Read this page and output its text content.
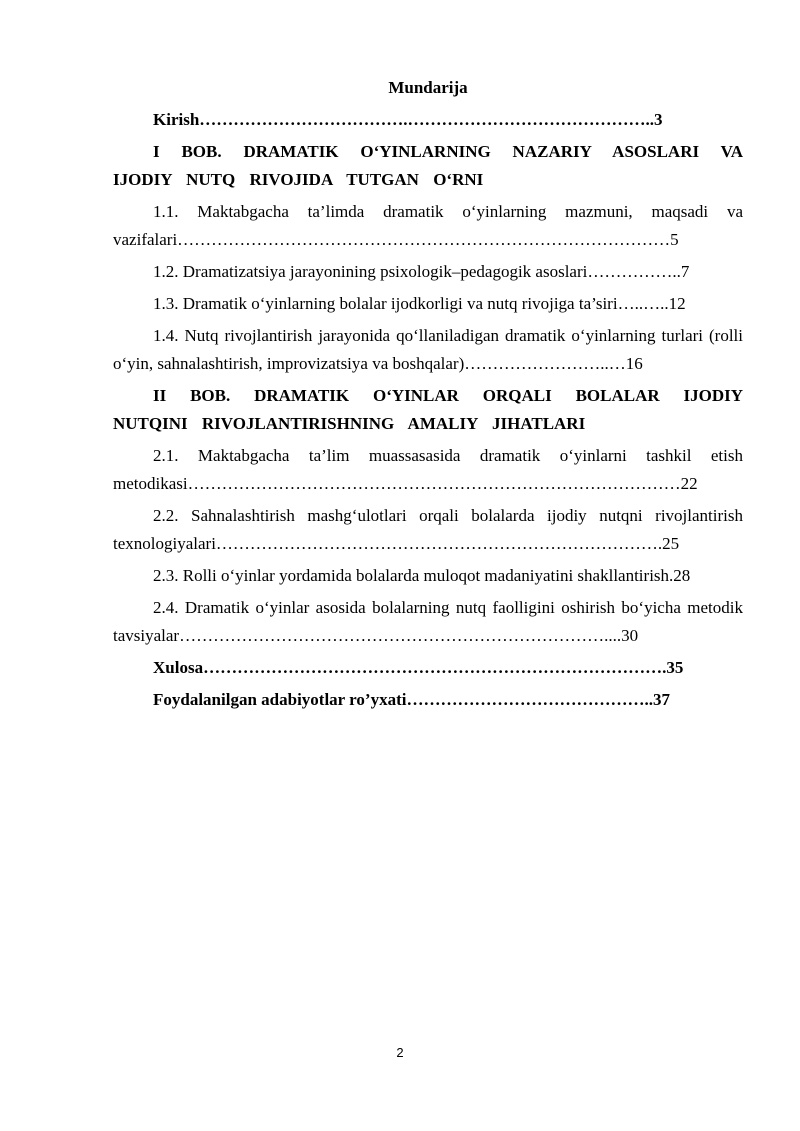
Mundarija

Kirish……………………………….……………………………………..3

I BOB. DRAMATIK O‘YINLARNING NAZARIY ASOSLARI VA IJODIY NUTQ RIVOJIDA TUTGAN O‘RNI

1.1. Maktabgacha ta’limda dramatik o‘yinlarning mazmuni, maqsadi va vazifalari……………………………………………………………………………5

1.2. Dramatizatsiya jarayonining psixologik–pedagogik asoslari……………..7

1.3. Dramatik o‘yinlarning bolalar ijodkorligi va nutq rivojiga ta’siri…..…..12

1.4. Nutq rivojlantirish jarayonida qo‘llaniladigan dramatik o‘yinlarning turlari (rolli o‘yin, sahnalashtirish, improvizatsiya va boshqalar)……………………..…16

II BOB. DRAMATIK O‘YINLAR ORQALI BOLALAR IJODIY NUTQINI RIVOJLANTIRISHNING AMALIY JIHATLARI

2.1. Maktabgacha ta’lim muassasasida dramatik o‘yinlarni tashkil etish metodikasi……………………………………………………………………………22

2.2. Sahnalashtirish mashg‘ulotlari orqali bolalarda ijodiy nutqni rivojlantirish texnologiyalari…………………………………………………………………….25

2.3. Rolli o‘yinlar yordamida bolalarda muloqot madaniyatini shakllantirish.28

2.4. Dramatik o‘yinlar asosida bolalarning nutq faolligini oshirish bo‘yicha metodik tavsiyalar…………………………………………………………………....30

Xulosa……………………………………………………………………….35

Foydalanilgan adabiyotlar ro’yxati……………………………………..37

2
